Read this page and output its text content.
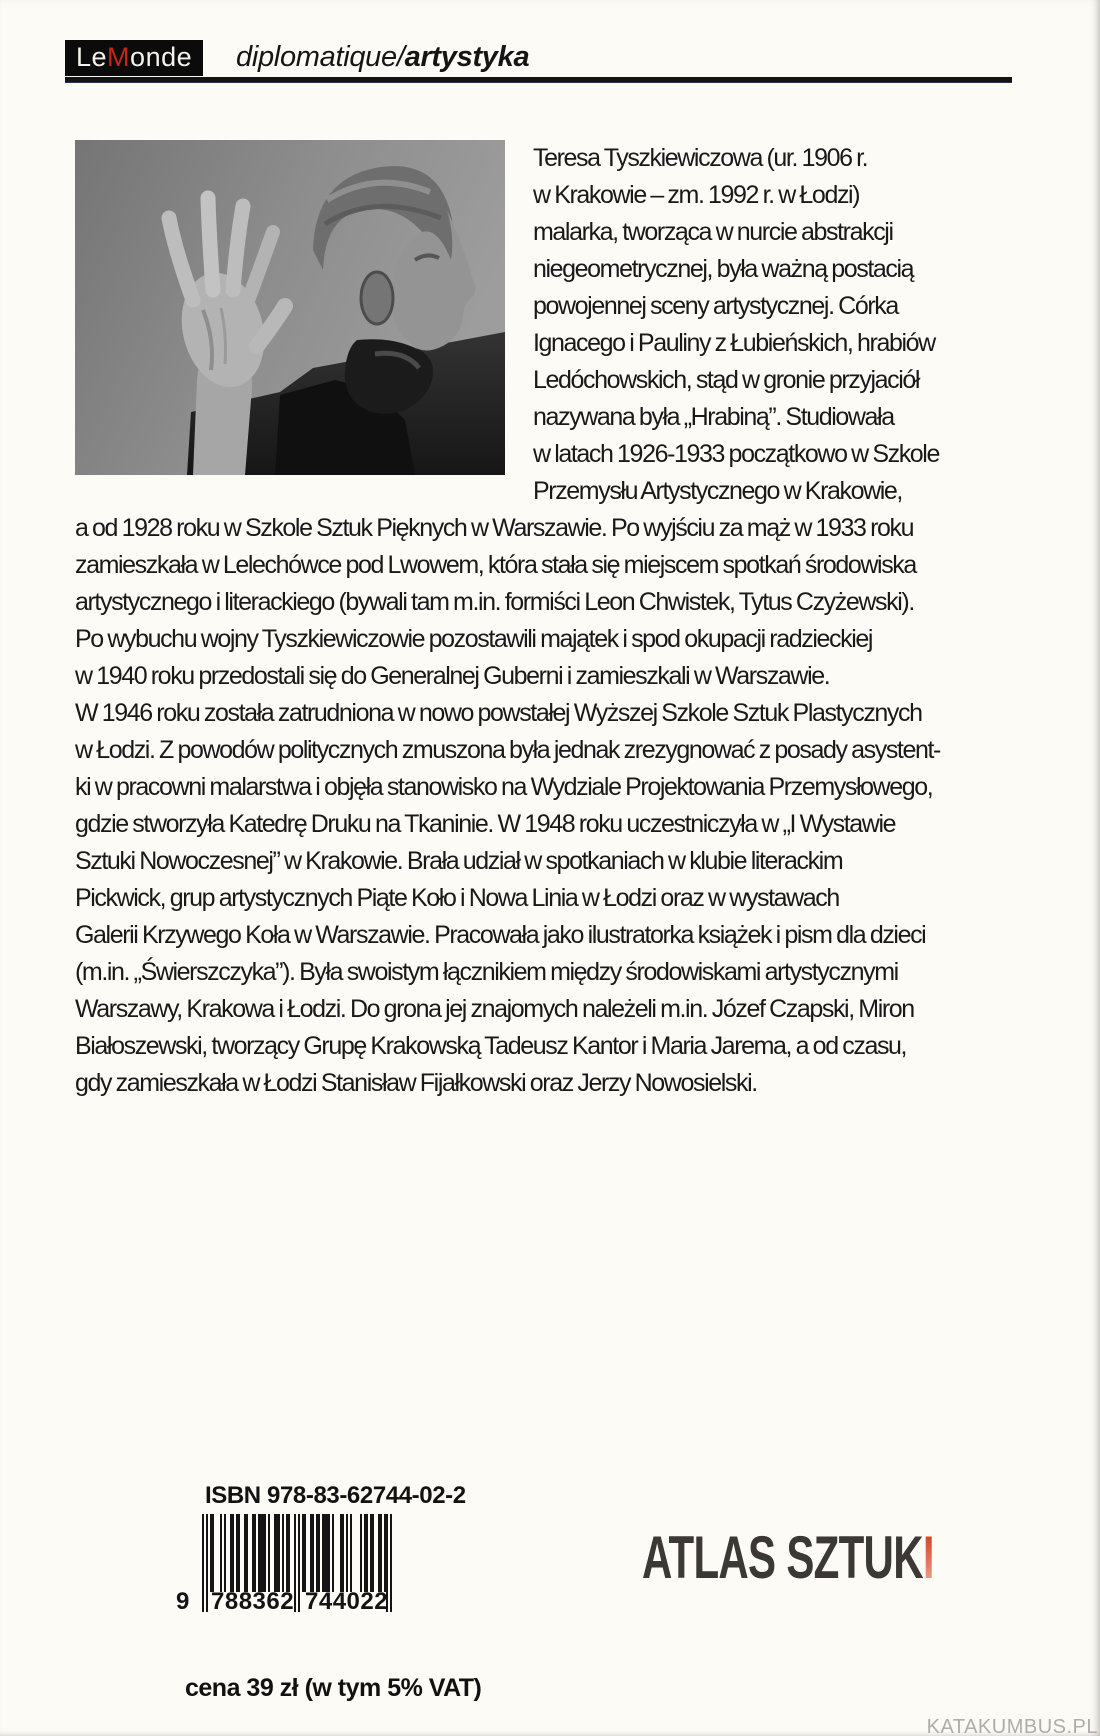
Le M onde diplomatique/artystyka
Teresa Tyszkiewiczowa (ur. 1906 r.
w Krakowie – zm. 1992 r. w Łodzi)
malarka, tworząca w nurcie abstrakcji
niegeometrycznej, była ważną postacią
powojennej sceny artystycznej. Córka
Ignacego i Pauliny z Łubieńskich, hrabiów
Ledóchowskich, stąd w gronie przyjaciół
nazywana była „Hrabiną”. Studiowała
w latach 1926-1933 początkowo w Szkole
Przemysłu Artystycznego w Krakowie,
a od 1928 roku w Szkole Sztuk Pięknych w Warszawie. Po wyjściu za mąż w 1933 roku
zamieszkała w Lelechówce pod Lwowem, która stała się miejscem spotkań środowiska
artystycznego i literackiego (bywali tam m.in. formiści Leon Chwistek, Tytus Czyżewski).
Po wybuchu wojny Tyszkiewiczowie pozostawili majątek i spod okupacji radzieckiej
w 1940 roku przedostali się do Generalnej Guberni i zamieszkali w Warszawie.
W 1946 roku została zatrudniona w nowo powstałej Wyższej Szkole Sztuk Plastycznych
w Łodzi. Z powodów politycznych zmuszona była jednak zrezygnować z posady asystent-
ki w pracowni malarstwa i objęła stanowisko na Wydziale Projektowania Przemysłowego,
gdzie stworzyła Katedrę Druku na Tkaninie. W 1948 roku uczestniczyła w „I Wystawie
Sztuki Nowoczesnej” w Krakowie. Brała udział w spotkaniach w klubie literackim
Pickwick, grup artystycznych Piąte Koło i Nowa Linia w Łodzi oraz w wystawach
Galerii Krzywego Koła w Warszawie. Pracowała jako ilustratorka książek i pism dla dzieci
(m.in. „Świerszczyka”). Była swoistym łącznikiem między środowiskami artystycznymi
Warszawy, Krakowa i Łodzi. Do grona jej znajomych należeli m.in. Józef Czapski, Miron
Białoszewski, tworzący Grupę Krakowską Tadeusz Kantor i Maria Jarema, a od czasu,
gdy zamieszkała w Łodzi Stanisław Fijałkowski oraz Jerzy Nowosielski.
ISBN 978-83-62744-02-2
9 788362 744022
ATLAS SZTUKI
cena 39 zł (w tym 5% VAT)
KATAKUMBUS.PL
